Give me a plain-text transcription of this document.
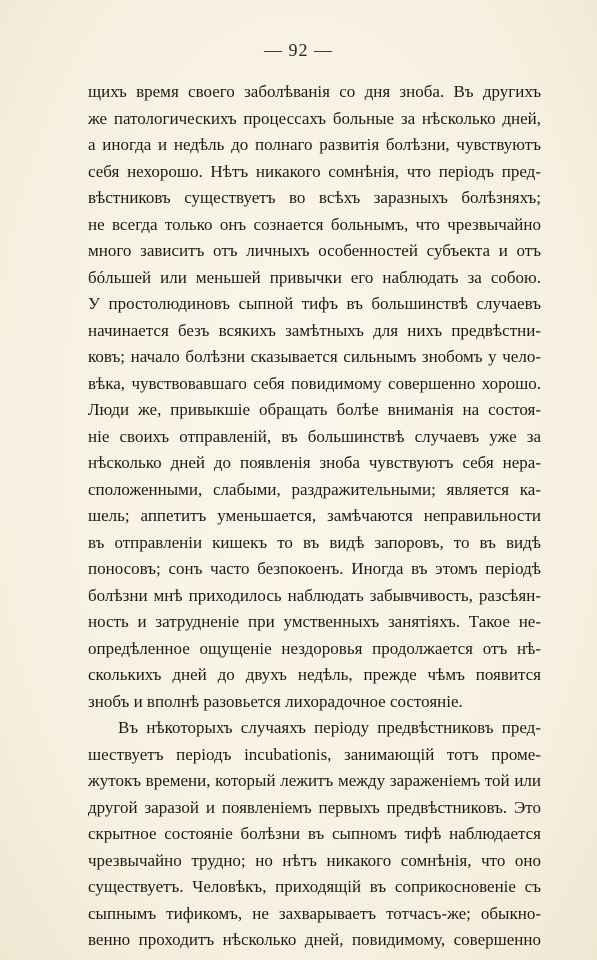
— 92 —
щихъ время своего заболѣванія со дня зноба. Въ другихъ
же патологическихъ процессахъ больные за нѣсколько дней,
а иногда и недѣль до полнаго развитія болѣзни, чувствуютъ
себя нехорошо. Нѣтъ никакого сомнѣнія, что періодъ пред-
вѣстниковъ существуетъ во всѣхъ заразныхъ болѣзняхъ;
не всегда только онъ сознается больнымъ, что чрезвычайно
много зависитъ отъ личныхъ особенностей субъекта и отъ
бóльшей или меньшей привычки его наблюдать за собою.
У простолюдиновъ сыпной тифъ въ большинствѣ случаевъ
начинается безъ всякихъ замѣтныхъ для нихъ предвѣстни-
ковъ; начало болѣзни сказывается сильнымъ знобомъ у чело-
вѣка, чувствовавшаго себя повидимому совершенно хорошо.
Люди же, привыкшіе обращать болѣе вниманія на состоя-
ніе своихъ отправленій, въ большинствѣ случаевъ уже за
нѣсколько дней до появленія зноба чувствуютъ себя нера-
сположенными, слабыми, раздражительными; является ка-
шель; аппетитъ уменьшается, замѣчаются неправильности
въ отправленіи кишекъ то въ видѣ запоровъ, то въ видѣ
поносовъ; сонъ часто безпокоенъ. Иногда въ этомъ періодѣ
болѣзни мнѣ приходилось наблюдать забывчивость, разсѣян-
ность и затрудненіе при умственныхъ занятіяхъ. Такое не-
опредѣленное ощущеніе нездоровья продолжается отъ нѣ-
сколькихъ дней до двухъ недѣль, прежде чѣмъ появится
знобъ и вполнѣ разовьется лихорадочное состояніе.
Въ нѣкоторыхъ случаяхъ періоду предвѣстниковъ пред-
шествуетъ періодъ incubationis, занимающій тотъ проме-
жутокъ времени, который лежитъ между зараженіемъ той или
другой заразой и появленіемъ первыхъ предвѣстниковъ. Это
скрытное состояніе болѣзни въ сыпномъ тифѣ наблюдается
чрезвычайно трудно; но нѣтъ никакого сомнѣнія, что оно
существуетъ. Человѣкъ, приходящій въ соприкосновеніе съ
сыпнымъ тификомъ, не захварываетъ тотчасъ-же; обыкно-
венно проходитъ нѣсколько дней, повидимому, совершенно
